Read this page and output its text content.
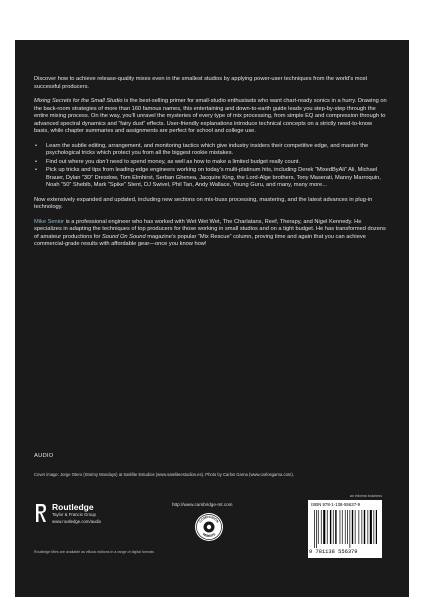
Discover how to achieve release-quality mixes even in the smallest studios by applying power-user techniques from the world’s most successful producers.

Mixing Secrets for the Small Studio is the best-selling primer for small-studio enthusiasts who want chart-ready sonics in a hurry. Drawing on the back-room strategies of more than 160 famous names, this entertaining and down-to-earth guide leads you step-by-step through the entire mixing process. On the way, you’ll unravel the mysteries of every type of mix processing, from simple EQ and compression through to advanced spectral dynamics and “fairy dust” effects. User-friendly explanations introduce technical concepts on a strictly need-to-know basis, while chapter summaries and assignments are perfect for school and college use.

• Learn the subtle editing, arrangement, and monitoring tactics which give industry insiders their competitive edge, and master the psychological tricks which protect you from all the biggest rookie mistakes.
• Find out where you don’t need to spend money, as well as how to make a limited budget really count.
• Pick up tricks and tips from leading-edge engineers working on today’s multi-platinum hits, including Derek “MixedByAli” Ali, Michael Brauer, Dylan “3D” Dresdow, Tom Elmhirst, Serban Ghenea, Jacquire King, the Lord-Alge brothers, Tony Maserati, Manny Marroquin, Noah “50” Shebib, Mark “Spike” Stent, DJ Swivel, Phil Tan, Andy Wallace, Young Guru, and many, many more...

Now extensively expanded and updated, including new sections on mix-buss processing, mastering, and the latest advances in plug-in technology.

Mike Senior is a professional engineer who has worked with Wet Wet Wet, The Charlatans, Reef, Therapy, and Nigel Kennedy. He specializes in adapting the techniques of top producers for those working in small studios and on a tight budget. He has transformed dozens of amateur productions for Sound On Sound magazine’s popular “Mix Rescue” column, proving time and again that you can achieve commercial-grade results with affordable gear—once you know how!

AUDIO
Cover image: Jorge Otero (Stormy Mondays) at Satélite Estudios (www.sateliteestudios.es). Photo by Carlos Garna (www.carlosgarna.com).
Routledge
Taylor & Francis Group
www.routledge.com/audio
http://www.cambridge-mt.com
COMPANION
WEBSITE
an informa business
ISBN 978-1-138-55637-9
9 781138 556379
Routledge titles are available as eBook editions in a range of digital formats
